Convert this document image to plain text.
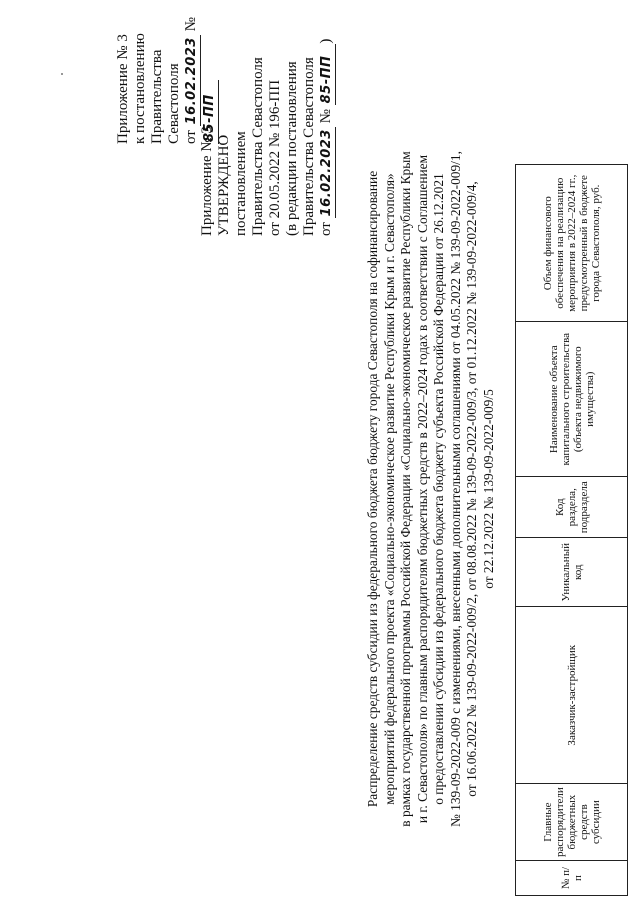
Приложение № 3 к постановлению Правительства Севастополя от 16.02.2023 № 85-ПП
Приложение № 3 УТВЕРЖДЕНО постановлением Правительства Севастополя от 20.05.2022 № 196-ПП (в редакции постановления Правительства Севастополя от 16.02.2023 № 85-ПП)
Распределение средств субсидии из федерального бюджета бюджету города Севастополя на софинансирование мероприятий федерального проекта «Социально-экономическое развитие Республики Крым и г. Севастополя» в рамках государственной программы Российской Федерации «Социально-экономическое развитие Республики Крым и г. Севастополя» по главным распорядителям бюджетных средств в 2022–2024 годах в соответствии с Соглашением о предоставлении субсидии из федерального бюджета бюджету субъекта Российской Федерации от 26.12.2021 № 139-09-2022-009 с изменениями, внесенными дополнительными соглашениями от 04.05.2022 № 139-09-2022-009/1, от 16.06.2022 № 139-09-2022-009/2, от 08.08.2022 № 139-09-2022-009/3, от 01.12.2022 № 139-09-2022-009/4, от 22.12.2022 № 139-09-2022-009/5
№ п/п	Главные распорядители бюджетных средств субсидии	Заказчик-застройщик	Уникальный код	Код раздела, подраздела	Наименование объекта капитального строительства (объекта недвижимого имущества)	Объем финансового обеспечения на реализацию мероприятия в 2022–2024 гг., предусмотренный в бюджете города Севастополя, руб.
